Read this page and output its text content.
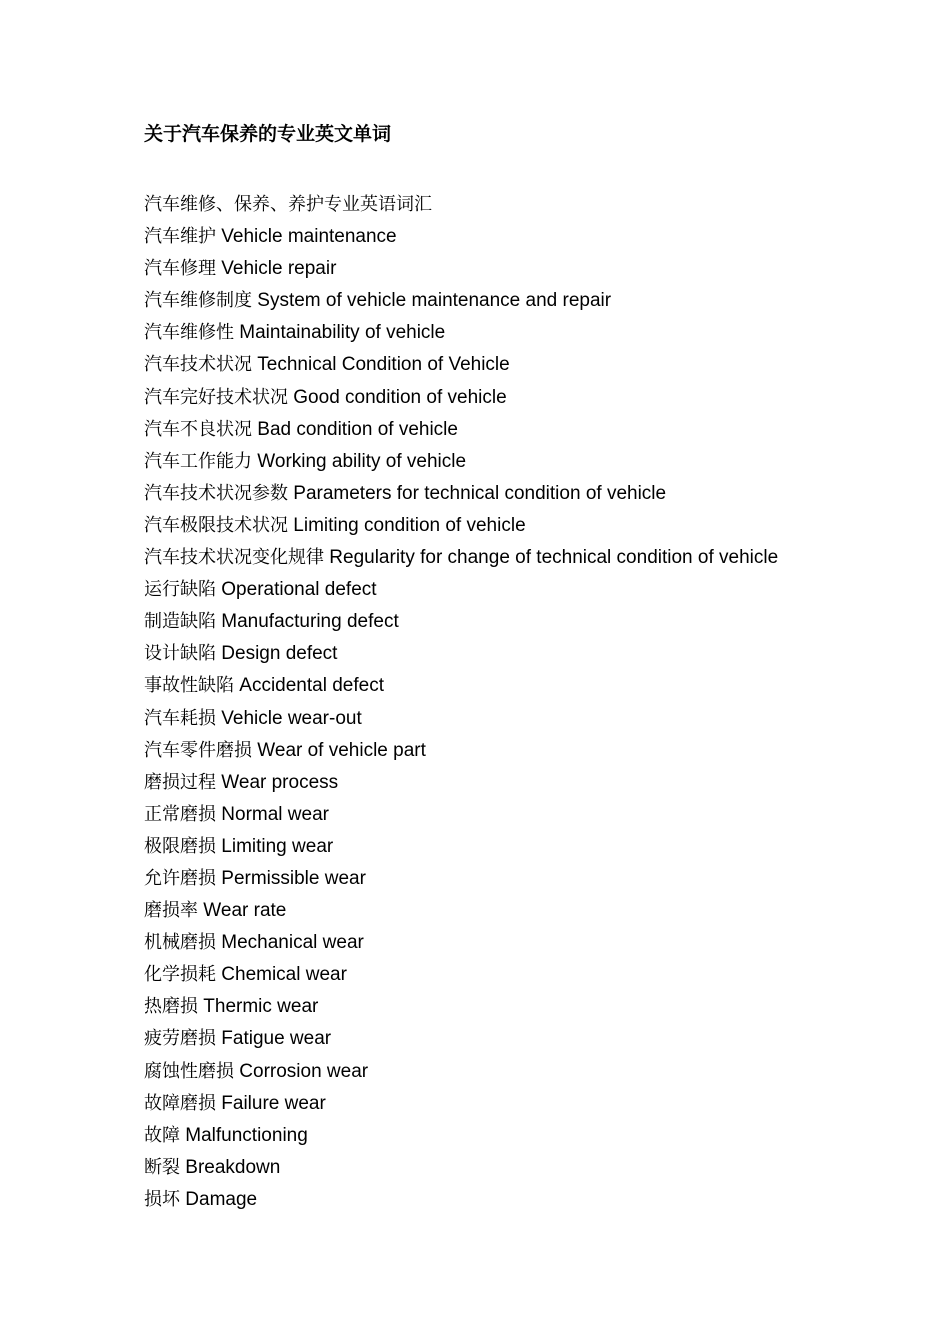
关于汽车保养的专业英文单词
汽车维修、保养、养护专业英语词汇
汽车维护 Vehicle maintenance
汽车修理 Vehicle repair
汽车维修制度 System of vehicle maintenance and repair
汽车维修性 Maintainability of vehicle
汽车技术状况 Technical Condition of Vehicle
汽车完好技术状况 Good condition of vehicle
汽车不良状况 Bad condition of vehicle
汽车工作能力 Working ability of vehicle
汽车技术状况参数 Parameters for technical condition of vehicle
汽车极限技术状况 Limiting condition of vehicle
汽车技术状况变化规律 Regularity for change of technical condition of vehicle
运行缺陷 Operational defect
制造缺陷 Manufacturing defect
设计缺陷 Design defect
事故性缺陷 Accidental defect
汽车耗损 Vehicle wear-out
汽车零件磨损 Wear of vehicle part
磨损过程 Wear process
正常磨损 Normal wear
极限磨损 Limiting wear
允许磨损 Permissible wear
磨损率 Wear rate
机械磨损 Mechanical wear
化学损耗 Chemical wear
热磨损 Thermic wear
疲劳磨损 Fatigue wear
腐蚀性磨损 Corrosion wear
故障磨损 Failure wear
故障 Malfunctioning
断裂 Breakdown
损坏 Damage
